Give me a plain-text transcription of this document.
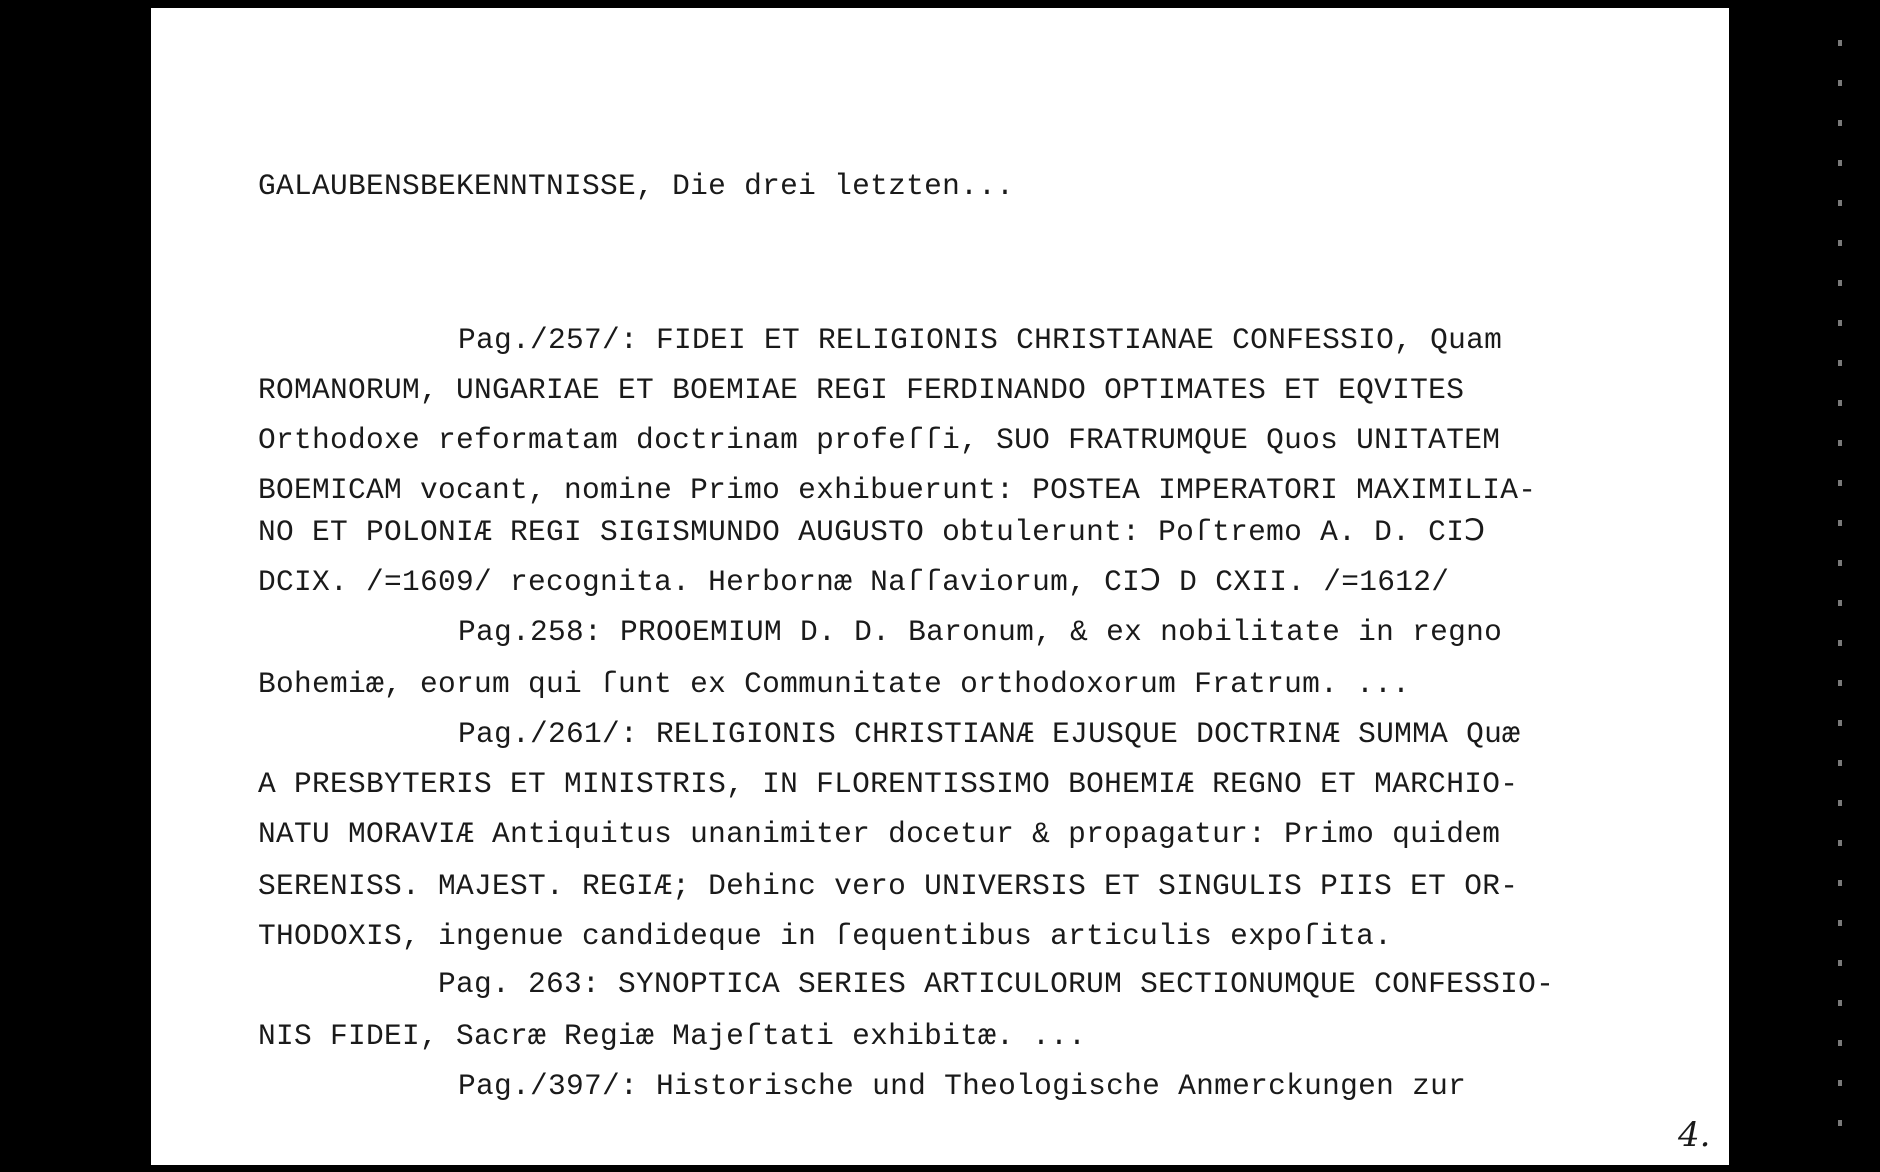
GALAUBENSBEKENNTNISSE, Die drei letzten...
Pag./257/: FIDEI ET RELIGIONIS CHRISTIANAE CONFESSIO, Quam
ROMANORUM, UNGARIAE ET BOEMIAE REGI FERDINANDO OPTIMATES ET EQVITES
Orthodoxe reformatam doctrinam profeſſi, SUO FRATRUMQUE Quos UNITATEM
BOEMICAM vocant, nomine Primo exhibuerunt: POSTEA IMPERATORI MAXIMILIA-
NO ET POLONIÆ REGI SIGISMUNDO AUGUSTO obtulerunt: Poſtremo A. D. CIↃ
DCIX. /=1609/ recognita. Herbornæ Naſſaviorum, CIↃ D CXII. /=1612/
Pag.258: PROOEMIUM D. D. Baronum, & ex nobilitate in regno
Bohemiæ, eorum qui ſunt ex Communitate orthodoxorum Fratrum. ...
Pag./261/: RELIGIONIS CHRISTIANÆ EJUSQUE DOCTRINÆ SUMMA Quæ
A PRESBYTERIS ET MINISTRIS, IN FLORENTISSIMO BOHEMIÆ REGNO ET MARCHIO-
NATU MORAVIÆ Antiquitus unanimiter docetur & propagatur: Primo quidem
SERENISS. MAJEST. REGIÆ; Dehinc vero UNIVERSIS ET SINGULIS PIIS ET OR-
THODOXIS, ingenue candideque in ſequentibus articulis expoſita.
Pag. 263: SYNOPTICA SERIES ARTICULORUM SECTIONUMQUE CONFESSIO-
NIS FIDEI, Sacræ Regiæ Majeſtati exhibitæ. ...
Pag./397/: Historische und Theologische Anmerckungen zur
4.
